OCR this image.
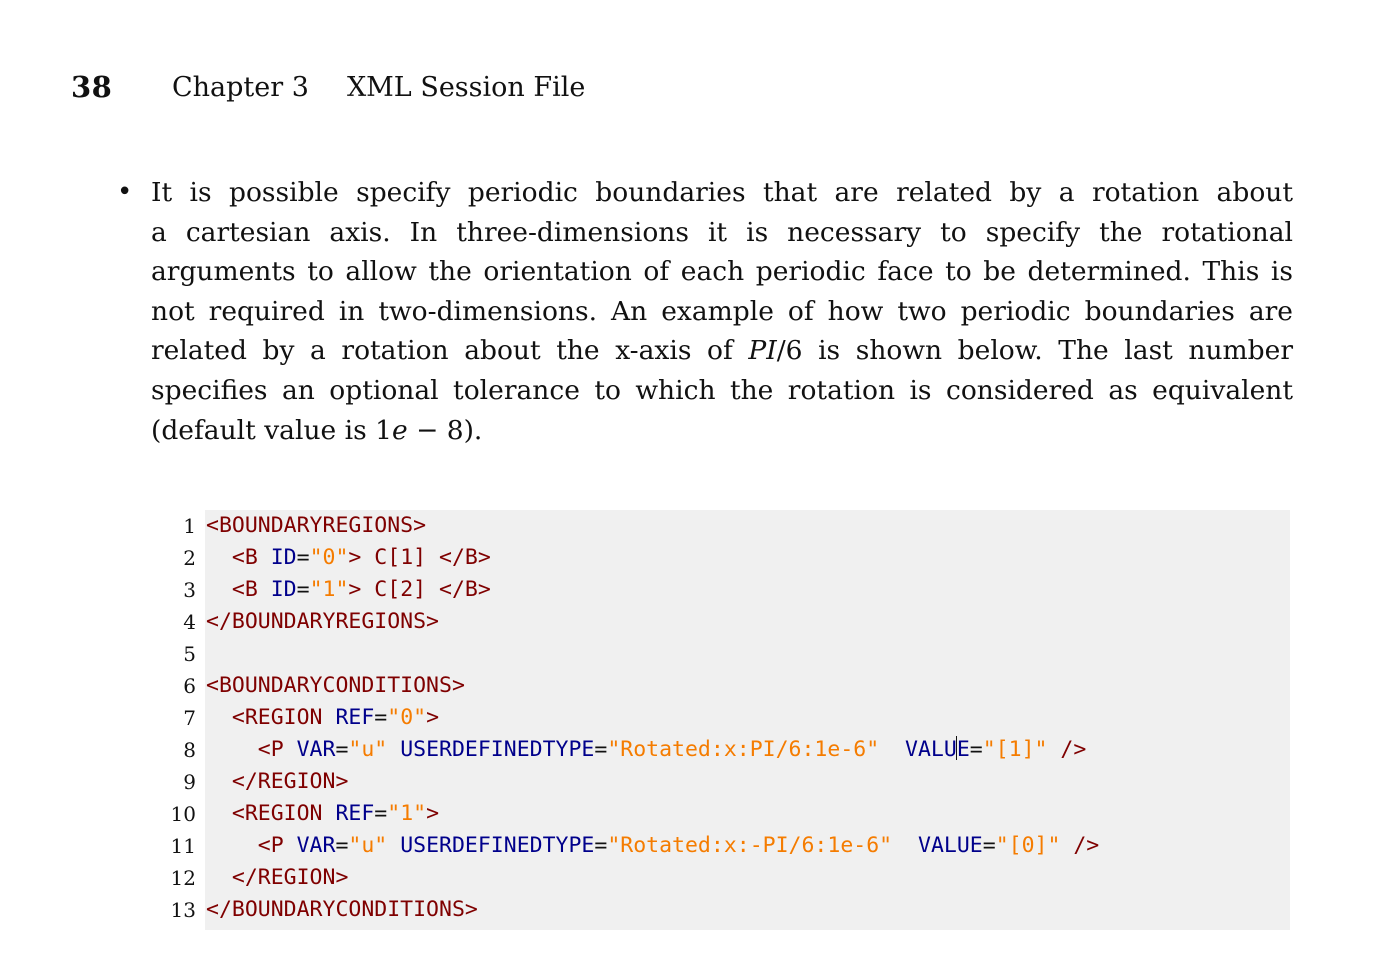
38 Chapter 3 XML Session File
• It is possible specify periodic boundaries that are related by a rotation about
a cartesian axis. In three-dimensions it is necessary to specify the rotational
arguments to allow the orientation of each periodic face to be determined. This is
not required in two-dimensions. An example of how two periodic boundaries are
related by a rotation about the x-axis of PI/6 is shown below. The last number
specifies an optional tolerance to which the rotation is considered as equivalent
(default value is 1e − 8).
1 <BOUNDARYREGIONS>
2 <B ID="0"> C[1] </B>
3 <B ID="1"> C[2] </B>
4 </BOUNDARYREGIONS>
5
6 <BOUNDARYCONDITIONS>
7 <REGION REF="0">
8 <P VAR="u" USERDEFINEDTYPE="Rotated:x:PI/6:1e-6" VALUE="[1]" />
9 </REGION>
10 <REGION REF="1">
11 <P VAR="u" USERDEFINEDTYPE="Rotated:x:-PI/6:1e-6" VALUE="[0]" />
12 </REGION>
13 </BOUNDARYCONDITIONS>
